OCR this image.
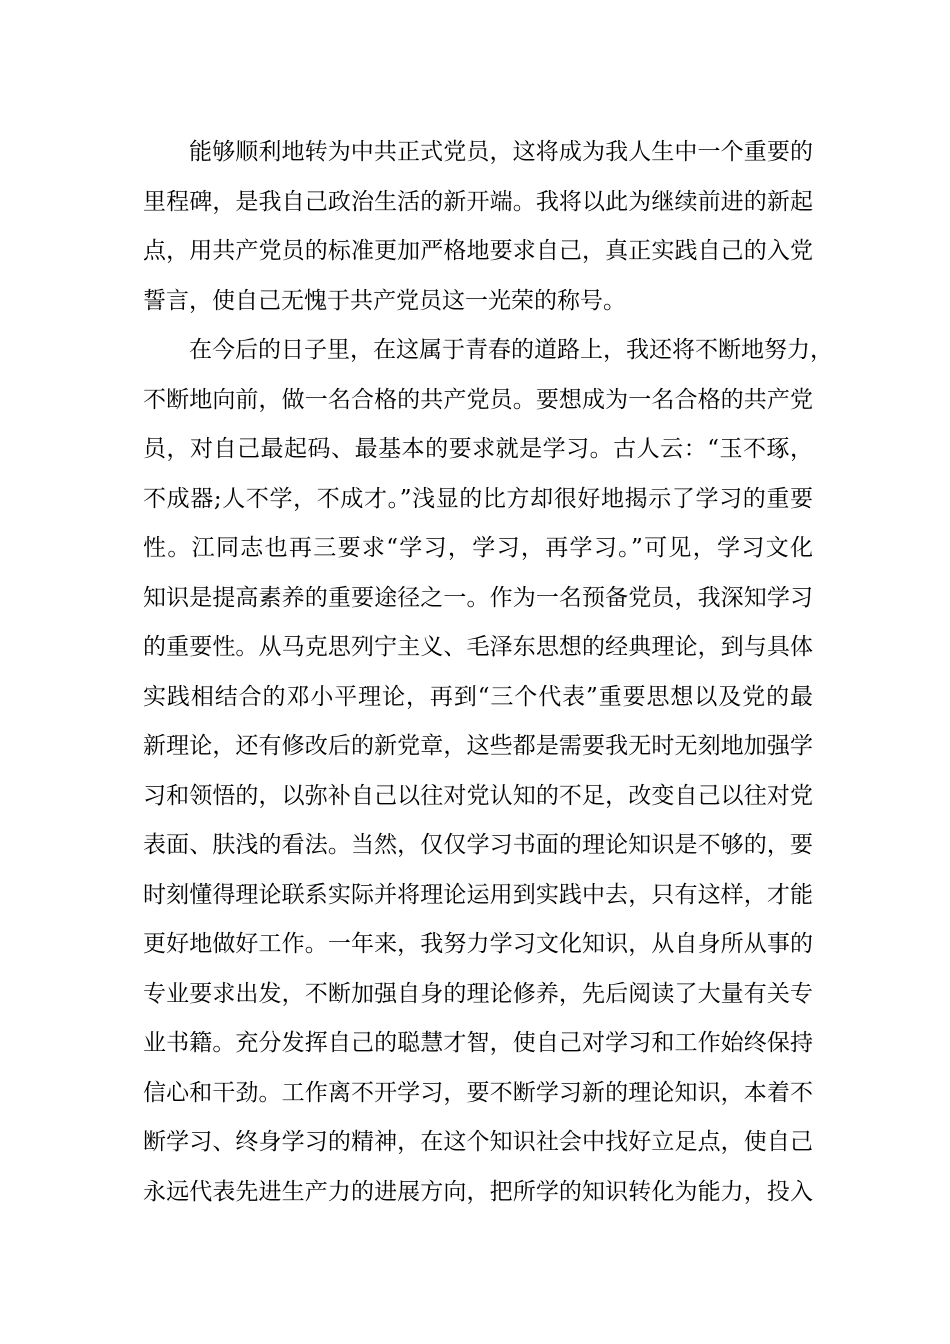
能够顺利地转为中共正式党员，这将成为我人生中一个重要的
里程碑，是我自己政治生活的新开端。我将以此为继续前进的新起
点，用共产党员的标准更加严格地要求自己，真正实践自己的入党
誓言，使自己无愧于共产党员这一光荣的称号。
在今后的日子里，在这属于青春的道路上，我还将不断地努力，
不断地向前，做一名合格的共产党员。要想成为一名合格的共产党
员，对自己最起码、最基本的要求就是学习。古人云：“玉不琢，
不成器;人不学，不成才。”浅显的比方却很好地揭示了学习的重要
性。江同志也再三要求“学习，学习，再学习。”可见，学习文化
知识是提高素养的重要途径之一。作为一名预备党员，我深知学习
的重要性。从马克思列宁主义、毛泽东思想的经典理论，到与具体
实践相结合的邓小平理论，再到“三个代表”重要思想以及党的最
新理论，还有修改后的新党章，这些都是需要我无时无刻地加强学
习和领悟的，以弥补自己以往对党认知的不足，改变自己以往对党
表面、肤浅的看法。当然，仅仅学习书面的理论知识是不够的，要
时刻懂得理论联系实际并将理论运用到实践中去，只有这样，才能
更好地做好工作。一年来，我努力学习文化知识，从自身所从事的
专业要求出发，不断加强自身的理论修养，先后阅读了大量有关专
业书籍。充分发挥自己的聪慧才智，使自己对学习和工作始终保持
信心和干劲。工作离不开学习，要不断学习新的理论知识，本着不
断学习、终身学习的精神，在这个知识社会中找好立足点，使自己
永远代表先进生产力的进展方向，把所学的知识转化为能力，投入
